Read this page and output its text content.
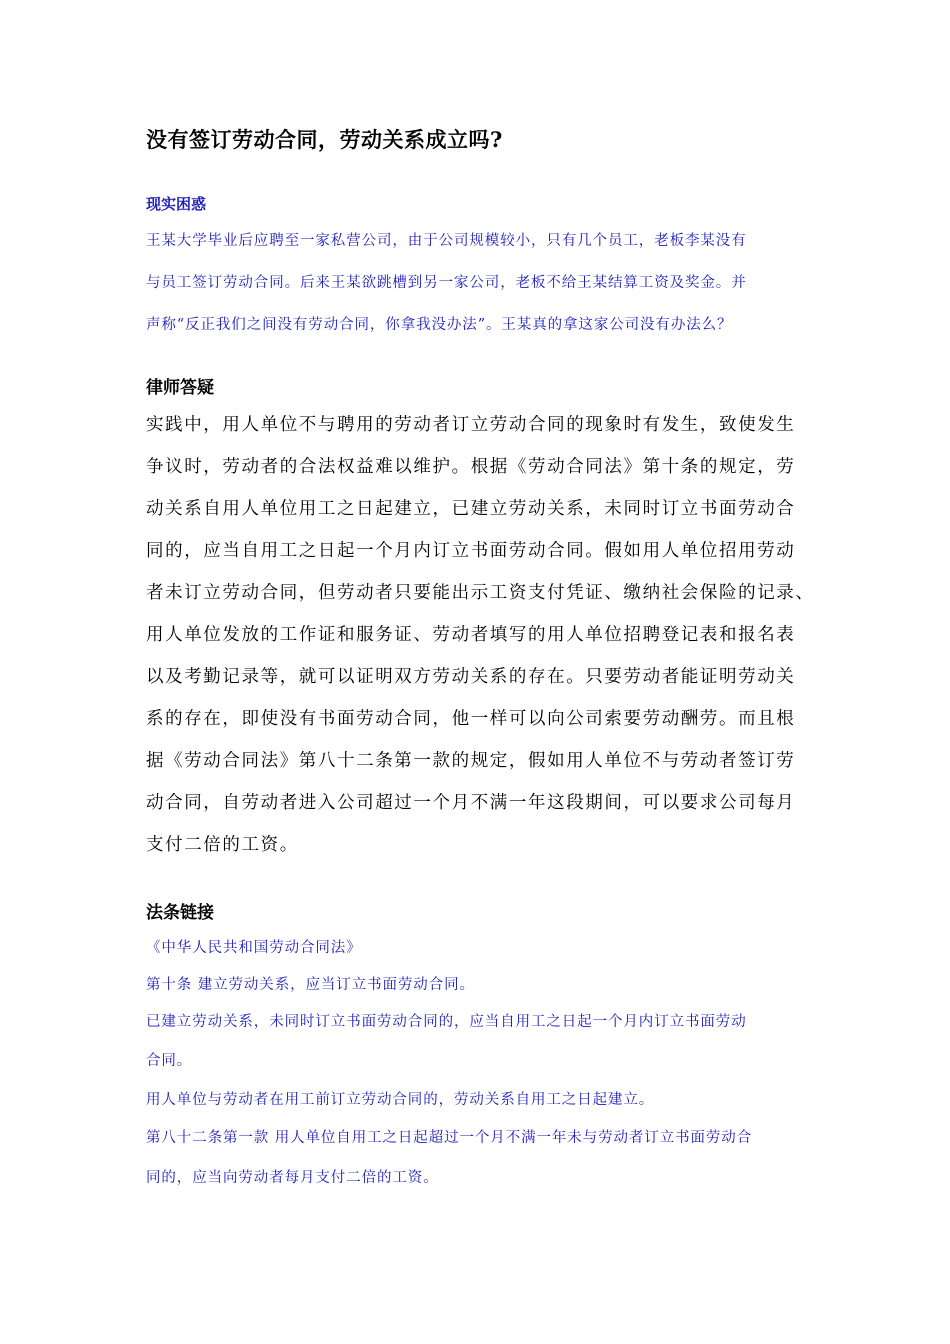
没有签订劳动合同，劳动关系成立吗?
现实困惑
王某大学毕业后应聘至一家私营公司，由于公司规模较小，只有几个员工，老板李某没有
与员工签订劳动合同。后来王某欲跳槽到另一家公司，老板不给王某结算工资及奖金。并
声称“反正我们之间没有劳动合同，你拿我没办法”。王某真的拿这家公司没有办法么？
律师答疑
实践中，用人单位不与聘用的劳动者订立劳动合同的现象时有发生，致使发生
争议时，劳动者的合法权益难以维护。根据《劳动合同法》第十条的规定，劳
动关系自用人单位用工之日起建立，已建立劳动关系，未同时订立书面劳动合
同的，应当自用工之日起一个月内订立书面劳动合同。假如用人单位招用劳动
者未订立劳动合同，但劳动者只要能出示工资支付凭证、缴纳社会保险的记录、
用人单位发放的工作证和服务证、劳动者填写的用人单位招聘登记表和报名表
以及考勤记录等，就可以证明双方劳动关系的存在。只要劳动者能证明劳动关
系的存在，即使没有书面劳动合同，他一样可以向公司索要劳动酬劳。而且根
据《劳动合同法》第八十二条第一款的规定，假如用人单位不与劳动者签订劳
动合同，自劳动者进入公司超过一个月不满一年这段期间，可以要求公司每月
支付二倍的工资。
法条链接
《中华人民共和国劳动合同法》
第十条 建立劳动关系，应当订立书面劳动合同。
已建立劳动关系，未同时订立书面劳动合同的，应当自用工之日起一个月内订立书面劳动
合同。
用人单位与劳动者在用工前订立劳动合同的，劳动关系自用工之日起建立。
第八十二条第一款 用人单位自用工之日起超过一个月不满一年未与劳动者订立书面劳动合
同的，应当向劳动者每月支付二倍的工资。
